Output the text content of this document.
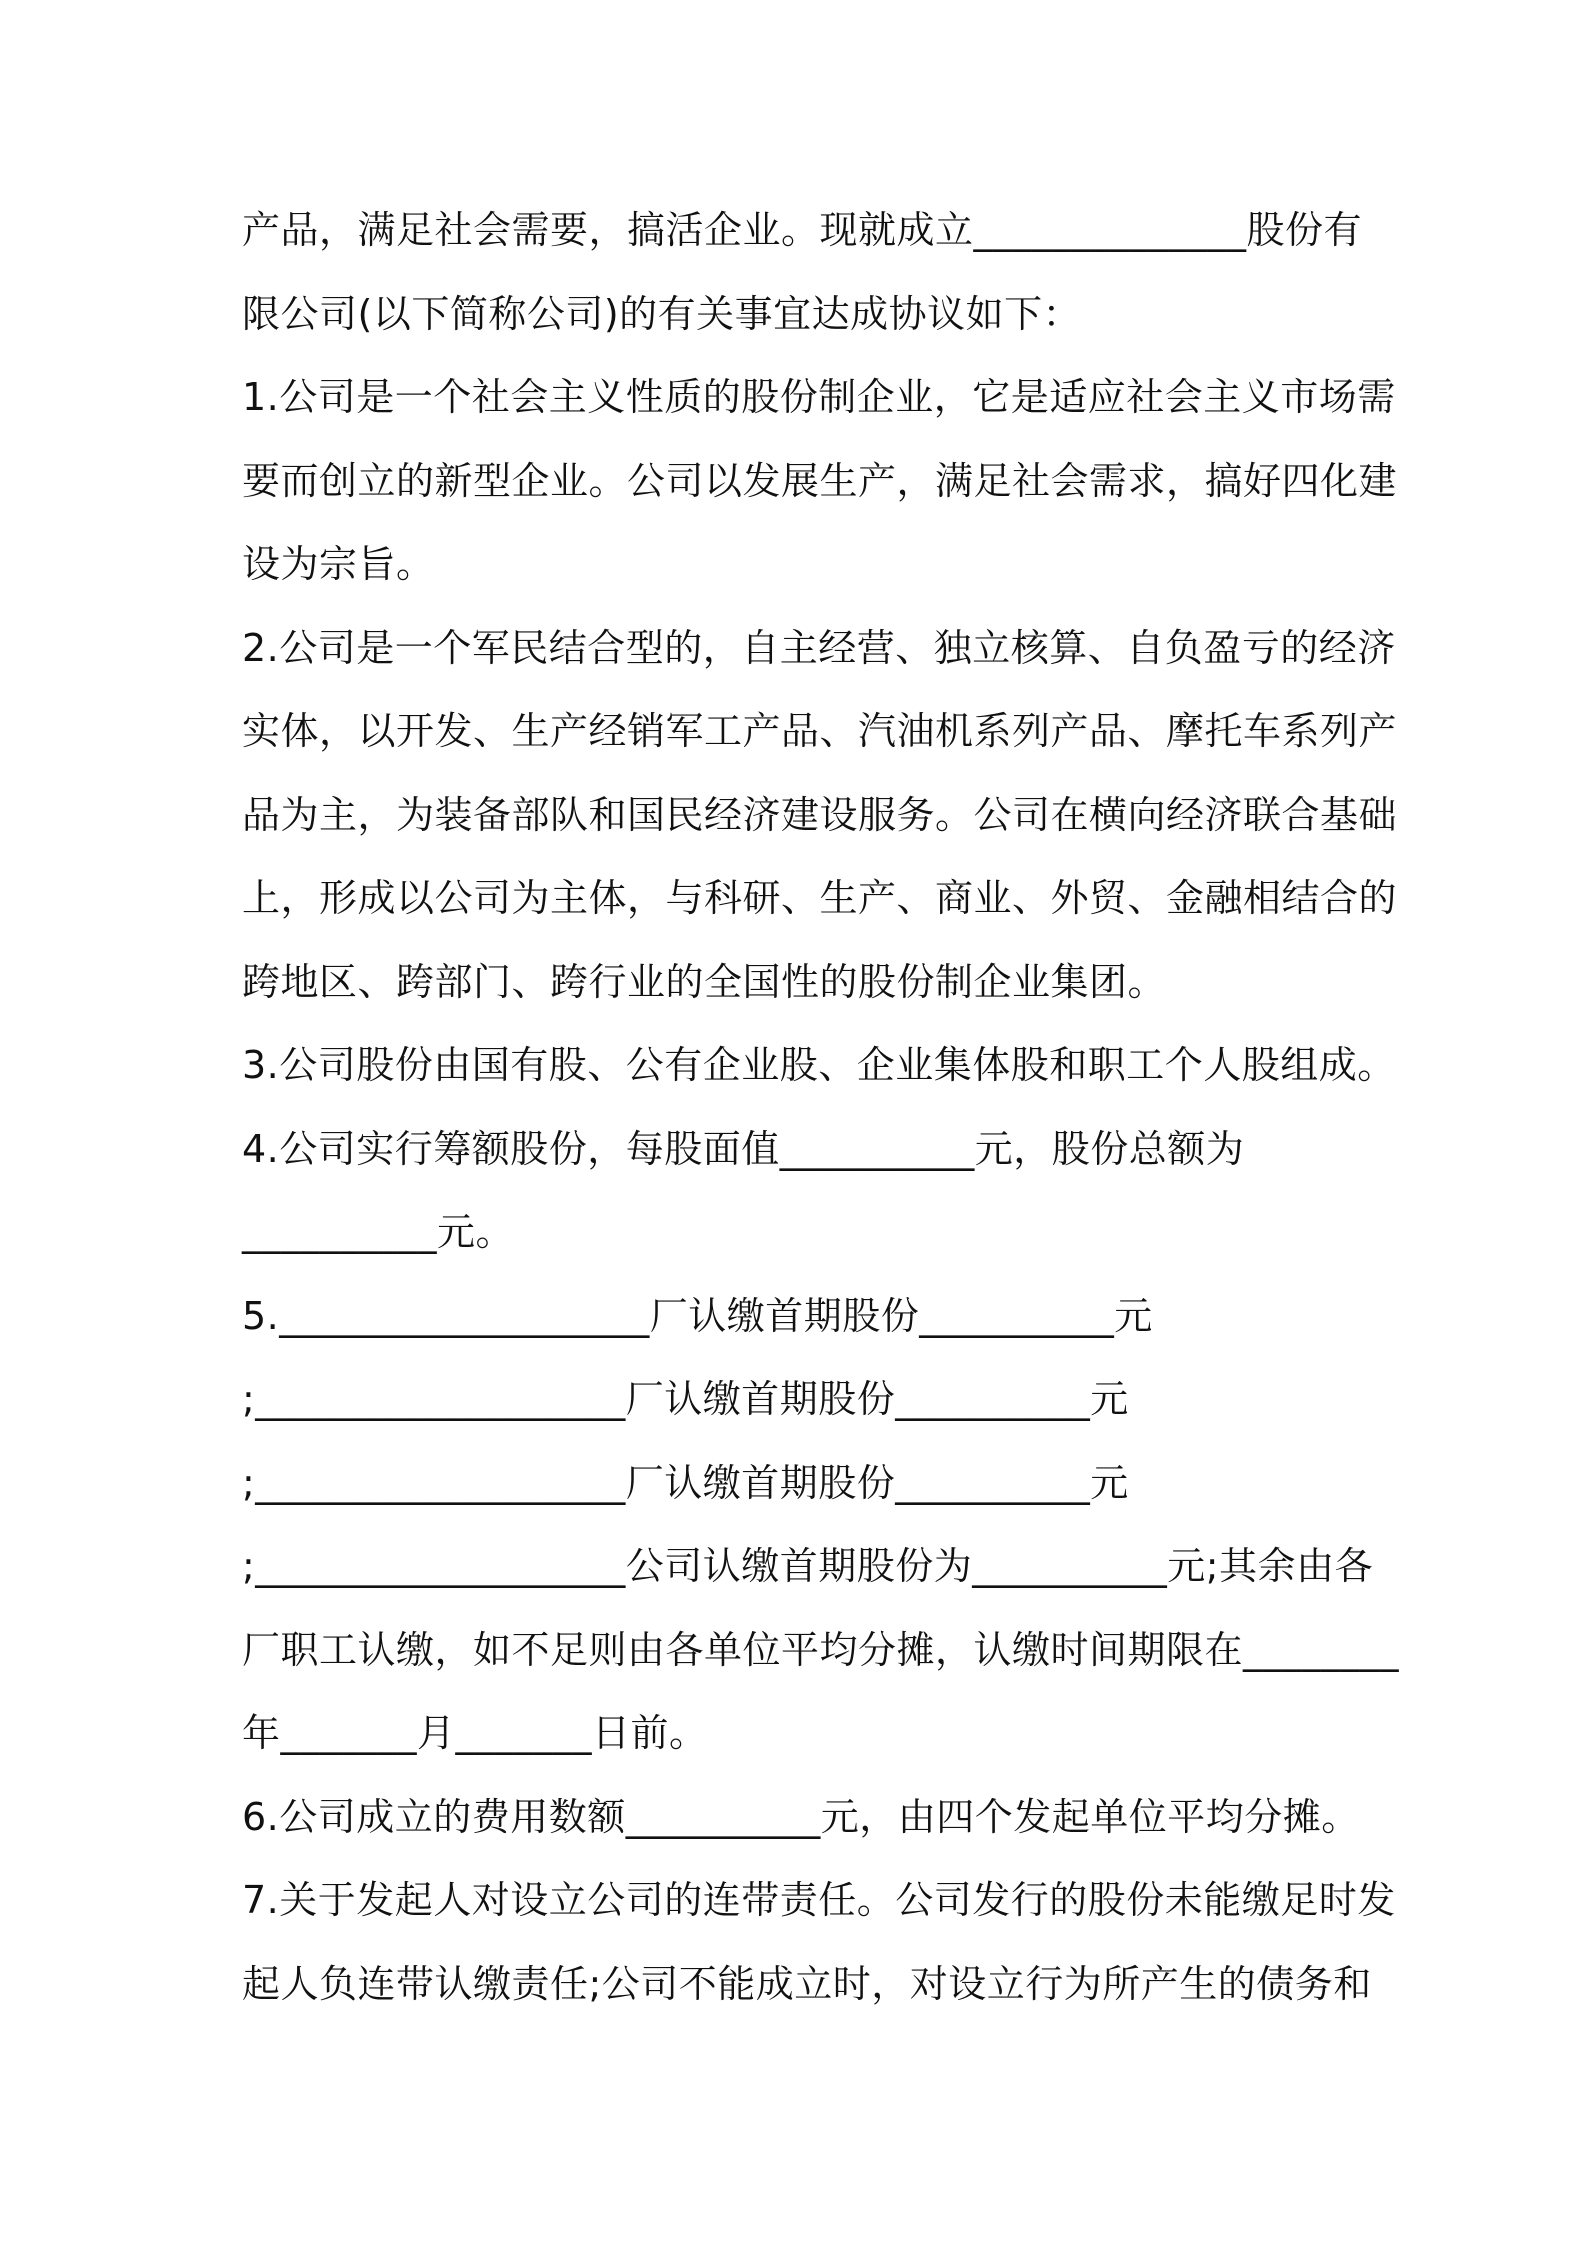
产品，满足社会需要，搞活企业。现就成立______________股份有
限公司(以下简称公司)的有关事宜达成协议如下：
1.公司是一个社会主义性质的股份制企业，它是适应社会主义市场需
要而创立的新型企业。公司以发展生产，满足社会需求，搞好四化建
设为宗旨。
2.公司是一个军民结合型的，自主经营、独立核算、自负盈亏的经济
实体，以开发、生产经销军工产品、汽油机系列产品、摩托车系列产
品为主，为装备部队和国民经济建设服务。公司在横向经济联合基础
上，形成以公司为主体，与科研、生产、商业、外贸、金融相结合的
跨地区、跨部门、跨行业的全国性的股份制企业集团。
3.公司股份由国有股、公有企业股、企业集体股和职工个人股组成。
4.公司实行筹额股份，每股面值__________元，股份总额为
__________元。
5.___________________厂认缴首期股份__________元
;___________________厂认缴首期股份__________元
;___________________厂认缴首期股份__________元
;___________________公司认缴首期股份为__________元;其余由各
厂职工认缴，如不足则由各单位平均分摊，认缴时间期限在________
年_______月_______日前。
6.公司成立的费用数额__________元，由四个发起单位平均分摊。
7.关于发起人对设立公司的连带责任。公司发行的股份未能缴足时发
起人负连带认缴责任;公司不能成立时，对设立行为所产生的债务和
